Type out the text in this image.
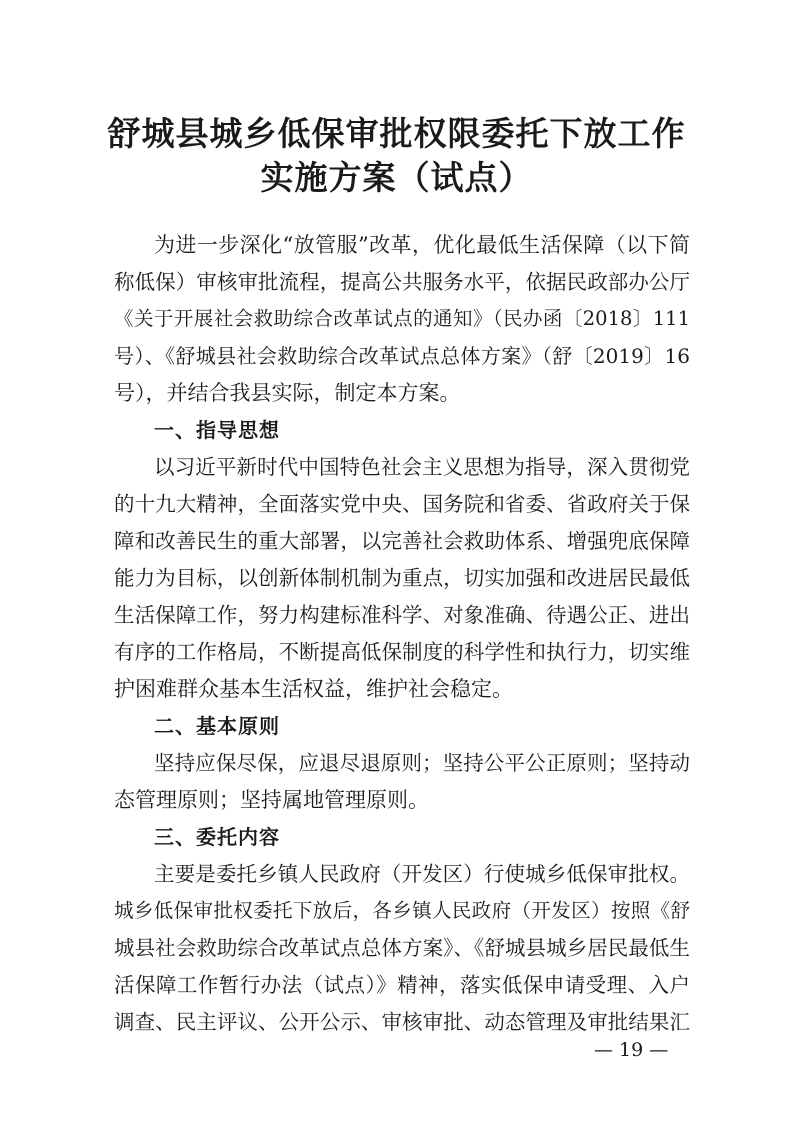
舒城县城乡低保审批权限委托下放工作
实施方案（试点）
为进一步深化“放管服”改革，优化最低生活保障（以下简
称低保）审核审批流程，提高公共服务水平，依据民政部办公厅
《关于开展社会救助综合改革试点的通知》（民办函〔2018〕111
号）、《舒城县社会救助综合改革试点总体方案》（舒〔2019〕16
号），并结合我县实际，制定本方案。
一、指导思想
以习近平新时代中国特色社会主义思想为指导，深入贯彻党
的十九大精神，全面落实党中央、国务院和省委、省政府关于保
障和改善民生的重大部署，以完善社会救助体系、增强兜底保障
能力为目标，以创新体制机制为重点，切实加强和改进居民最低
生活保障工作，努力构建标准科学、对象准确、待遇公正、进出
有序的工作格局，不断提高低保制度的科学性和执行力，切实维
护困难群众基本生活权益，维护社会稳定。
二、基本原则
坚持应保尽保，应退尽退原则；坚持公平公正原则；坚持动
态管理原则；坚持属地管理原则。
三、委托内容
主要是委托乡镇人民政府（开发区）行使城乡低保审批权。
城乡低保审批权委托下放后，各乡镇人民政府（开发区）按照《舒
城县社会救助综合改革试点总体方案》、《舒城县城乡居民最低生
活保障工作暂行办法（试点）》精神，落实低保申请受理、入户
调查、民主评议、公开公示、审核审批、动态管理及审批结果汇
— 19 —
